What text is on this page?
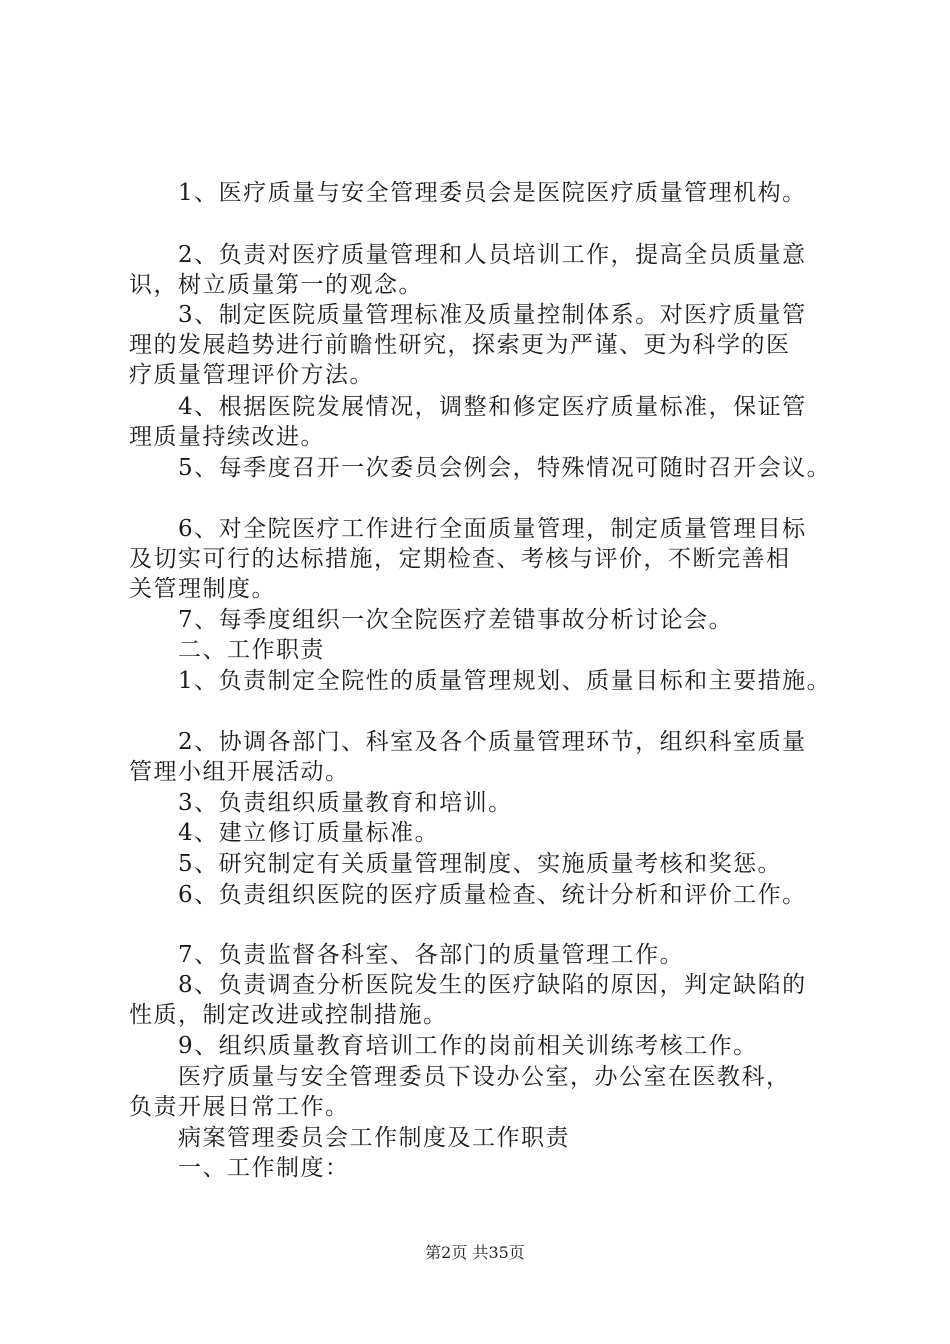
　　1、医疗质量与安全管理委员会是医院医疗质量管理机构。
　　2、负责对医疗质量管理和人员培训工作，提高全员质量意
识，树立质量第一的观念。
　　3、制定医院质量管理标准及质量控制体系。对医疗质量管
理的发展趋势进行前瞻性研究，探索更为严谨、更为科学的医
疗质量管理评价方法。
　　4、根据医院发展情况，调整和修定医疗质量标准，保证管
理质量持续改进。
　　5、每季度召开一次委员会例会，特殊情况可随时召开会议。
　　6、对全院医疗工作进行全面质量管理，制定质量管理目标
及切实可行的达标措施，定期检查、考核与评价，不断完善相
关管理制度。
　　7、每季度组织一次全院医疗差错事故分析讨论会。
　　二、工作职责
　　1、负责制定全院性的质量管理规划、质量目标和主要措施。
　　2、协调各部门、科室及各个质量管理环节，组织科室质量
管理小组开展活动。
　　3、负责组织质量教育和培训。
　　4、建立修订质量标准。
　　5、研究制定有关质量管理制度、实施质量考核和奖惩。
　　6、负责组织医院的医疗质量检查、统计分析和评价工作。
　　7、负责监督各科室、各部门的质量管理工作。
　　8、负责调查分析医院发生的医疗缺陷的原因，判定缺陷的
性质，制定改进或控制措施。
　　9、组织质量教育培训工作的岗前相关训练考核工作。
　　医疗质量与安全管理委员下设办公室，办公室在医教科，
负责开展日常工作。
　　病案管理委员会工作制度及工作职责
　　一、工作制度：
第2页 共35页
